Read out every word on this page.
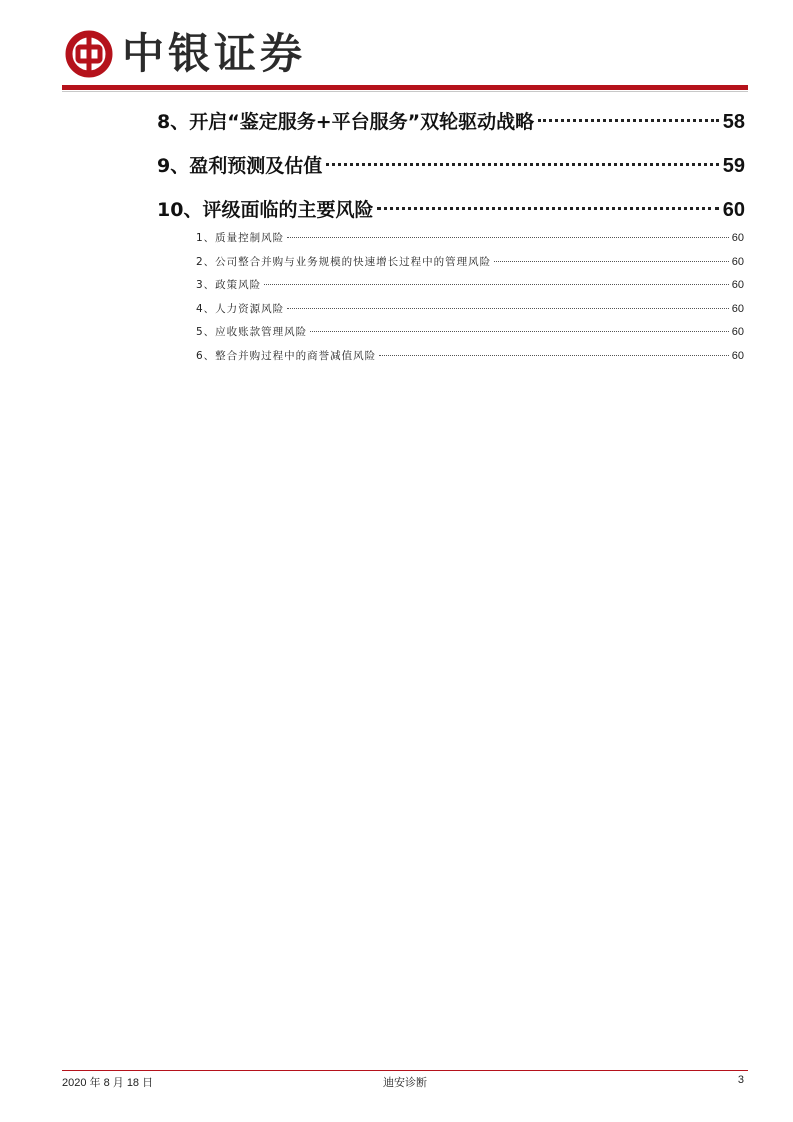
中银证券
8、开启“鉴定服务+平台服务”双轮驱动战略	58
9、盈利预测及估值	59
10、评级面临的主要风险	60
1、质量控制风险	60
2、公司整合并购与业务规模的快速增长过程中的管理风险	60
3、政策风险	60
4、人力资源风险	60
5、应收账款管理风险	60
6、整合并购过程中的商誉减值风险	60
2020 年 8 月 18 日	迪安诊断	3
